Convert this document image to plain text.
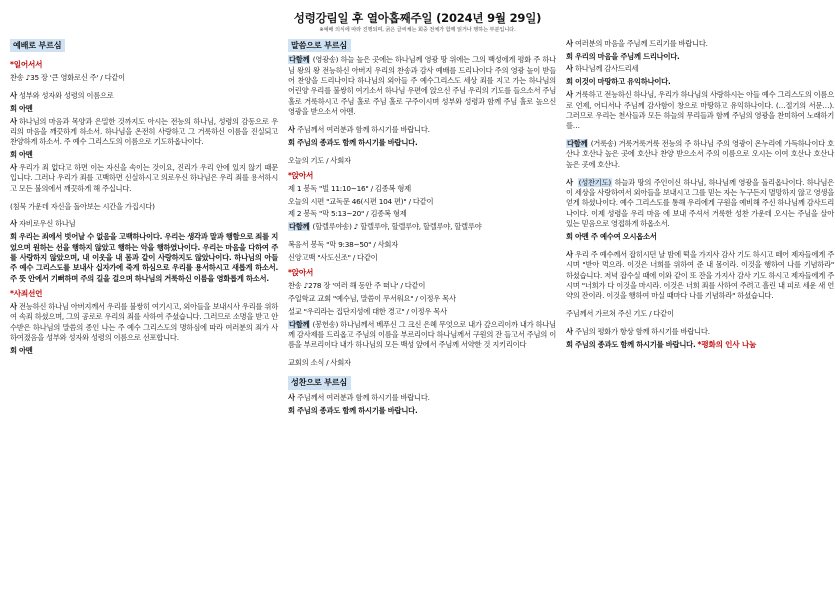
성령강림일 후 열아홉째주일 (2024년 9월 29일)
※예배 의식에 따라 진행되며, 굵은 글씨체는 회중 전체가 함께 읽거나 행하는 부분입니다.
예배로 부르심
*일어서서

찬송 ♪35 장 '큰 영화로신 주' / 다같이

사 성부와 성자와 성령의 이름으로

회 아멘

사 하나님의 마음과 목양과 은밀한 것까지도 아시는 전능의 하나님, 성령의 감동으로 우리의 마음을 깨끗하게 하소서. 하나님을 온전히 사랑하고 그 거룩하신 이름을 진실되고 찬양하게 하소서. 주 예수 그리스도의 이름으로 기도하옵나이다.

회 아멘

사 우리가 죄 없다고 하면 이는 자신을 속이는 것이요, 진리가 우리 안에 있지 않기 때문입니다. 그러나 우리가 죄를 고백하면 신실하시고 의로우신 하나님은 우리 죄를 용서하시고 모든 불의에서 깨끗하게 해 주십니다.

(침묵 가운데 자신을 돌아보는 시간을 가집시다)

사 자비로우신 하나님

회 우리는 죄에서 벗어날 수 없음을 고백하나이다. 우리는 생각과 말과 행함으로 죄를 지었으며 원하는 선을 행하지 않았고 행하는 악을 행하였나이다. 우리는 마음을 다하여 주를 사랑하지 않았으며, 내 이웃을 내 몸과 같이 사랑하지도 않았나이다. 하나님의 아들 주 예수 그리스도를 보내사 십자가에 죽게 하심으로 우리를 용서하시고 새롭게 하소서. 주 뜻 안에서 기뻐하며 주의 길을 걸으며 하나님의 거룩하신 이름을 영화롭게 하소서.

*사죄선언

사 전능하신 하나님 아버지께서 우리를 불쌍히 여기시고, 외아들을 보내시사 우리를 위하여 속죄 하셨으며, 그의 공로로 우리의 죄를 사하여 주셨습니다. 그러므로 소명을 받고 안수받은 하나님의 말씀의 종인 나는 주 예수 그리스도의 명하심에 따라 여러분의 죄가 사하여졌음을 성부와 성자와 성령의 이름으로 선포합니다.

회 아멘

말씀으로 부르심

다함께 (영광송) 하늘 높은 곳에는 하나님께 영광 땅 위에는 그의 백성에게 평화 주 하나님 왕의 왕 전능하신 아버지 우리의 찬송과 감사 예배를 드리나이다 주의 영광 높이 받들어 찬양을 드리나이다 하나님의 외아들 주 예수그리스도 세상 죄를 지고 가는 하나님의 어린양 우리를 불쌍히 여기소서 하나님 우편에 앉으신 주님 우리의 기도를 들으소서 주님 홀로 거룩하시고 주님 홀로 주님 홀로 구주이시며 성부와 성령과 함께 주님 홀로 높으신 영광을 받으소서 아멘.

사 주님께서 여러분과 함께 하시기를 바랍니다.

회 주님의 종과도 함께 하시기를 바랍니다.

오늘의 기도 / 사회자

*앉아서

제 1 봉독 "빌 11:10~16" / 김종복 형제

오늘의 시편 "교독문 46(시편 104 편)" / 다같이

제 2 봉독 "막 5:13~20" / 김종복 형제

다함께 (할렐루야송) ♪ 할렐루야, 할렐루야, 할렐루야, 할렐루야

복음서 봉독 "막 9:38~50" / 사회자

신앙고백 "사도신조" / 다같이

*앉아서

찬송 ♪278 장 '여러 해 동안 주 떠나' / 다같이

주일학교 교회 "예수님, 말씀이 무서워요" / 이정우 목사

설교 "우리라는 집단지성에 대한 경고" / 이정우 목사

다함께 (봉헌송) 하나님께서 베푸신 그 크신 은혜 무엇으로 내가 갚으리이까 내가 하나님께 감사제를 드리옵고 주님의 이름을 부르리이다 하나님께서 구원의 잔 들고서 주님의 이름을 부르리이다 내가 하나님의 모든 백성 앞에서 주님께 서약한 것 지키리이다

교회의 소식 / 사회자

성찬으로 부르심

사 주님께서 여러분과 함께 하시기를 바랍니다.

회 주님의 종과도 함께 하시기를 바랍니다.

사 여러분의 마음을 주님께 드리기를 바랍니다.

회 우리의 마음을 주님께 드리나이다.

사 하나님께 감사드리세

회 이것이 마땅하고 유익하나이다.

사 거룩하고 전능하신 하나님, 우리가 하나님의 사랑하시는 아들 예수 그리스도의 이름으로 언제, 어디서나 주님께 감사함이 창으로 마땅하고 유익하나이다. (…절기의 서문…). 그러므로 우리는 천사들과 모든 하늘의 무리들과 함께 주님의 영광을 찬미하여 노래하기를…

다함께 (거룩송) 거룩거룩거룩 전능의 주 하나님 주의 영광이 온누리에 가득하나이다 호산나 호산나 높은 곳에 호산나 찬양 받으소서 주의 이름으로 오시는 이여 호산나 호산나 높은 곳에 호산나.

사 (성찬기도) 하늘과 땅의 주인이신 하나님, 하나님께 영광을 돌리옵나이다. 하나님은 이 세상을 사랑하여서 외아들을 보내시고 그를 믿는 자는 누구든지 멸망하지 않고 영생을 얻게 하셨나이다. 예수 그리스도를 통해 우리에게 구원을 예비해 주신 하나님께 감사드리나이다. 이제 성령을 우리 마음 에 보내 주셔서 거룩한 성찬 가운데 오시는 주님을 살아 있는 믿음으로 영접하게 하옵소서.

회 아멘 주 예수여 오시옵소서

사 우리 주 예수께서 잡히시던 날 밤에 떡을 가지사 감사 기도 하시고 떼어 제자들에게 주시며 "받아 먹으라. 이것은 너희를 위하여 준 내 몸이라. 이것을 행하여 나를 기념하라" 하셨습니다. 저녁 잡수실 때에 이와 같이 또 잔을 가지사 감사 기도 하시고 제자들에게 주시며 "너희가 다 이것을 마시라. 이것은 너희 죄를 사하여 주려고 흘린 내 피로 세운 새 언약의 잔이라. 이것을 행하여 마실 때마다 나를 기념하라" 하셨습니다.

주님께서 가르쳐 주신 기도 / 다같이

사 주님의 평화가 항상 함께 하시기를 바랍니다.

회 주님의 종과도 함께 하시기를 바랍니다. *평화의 인사 나눔
